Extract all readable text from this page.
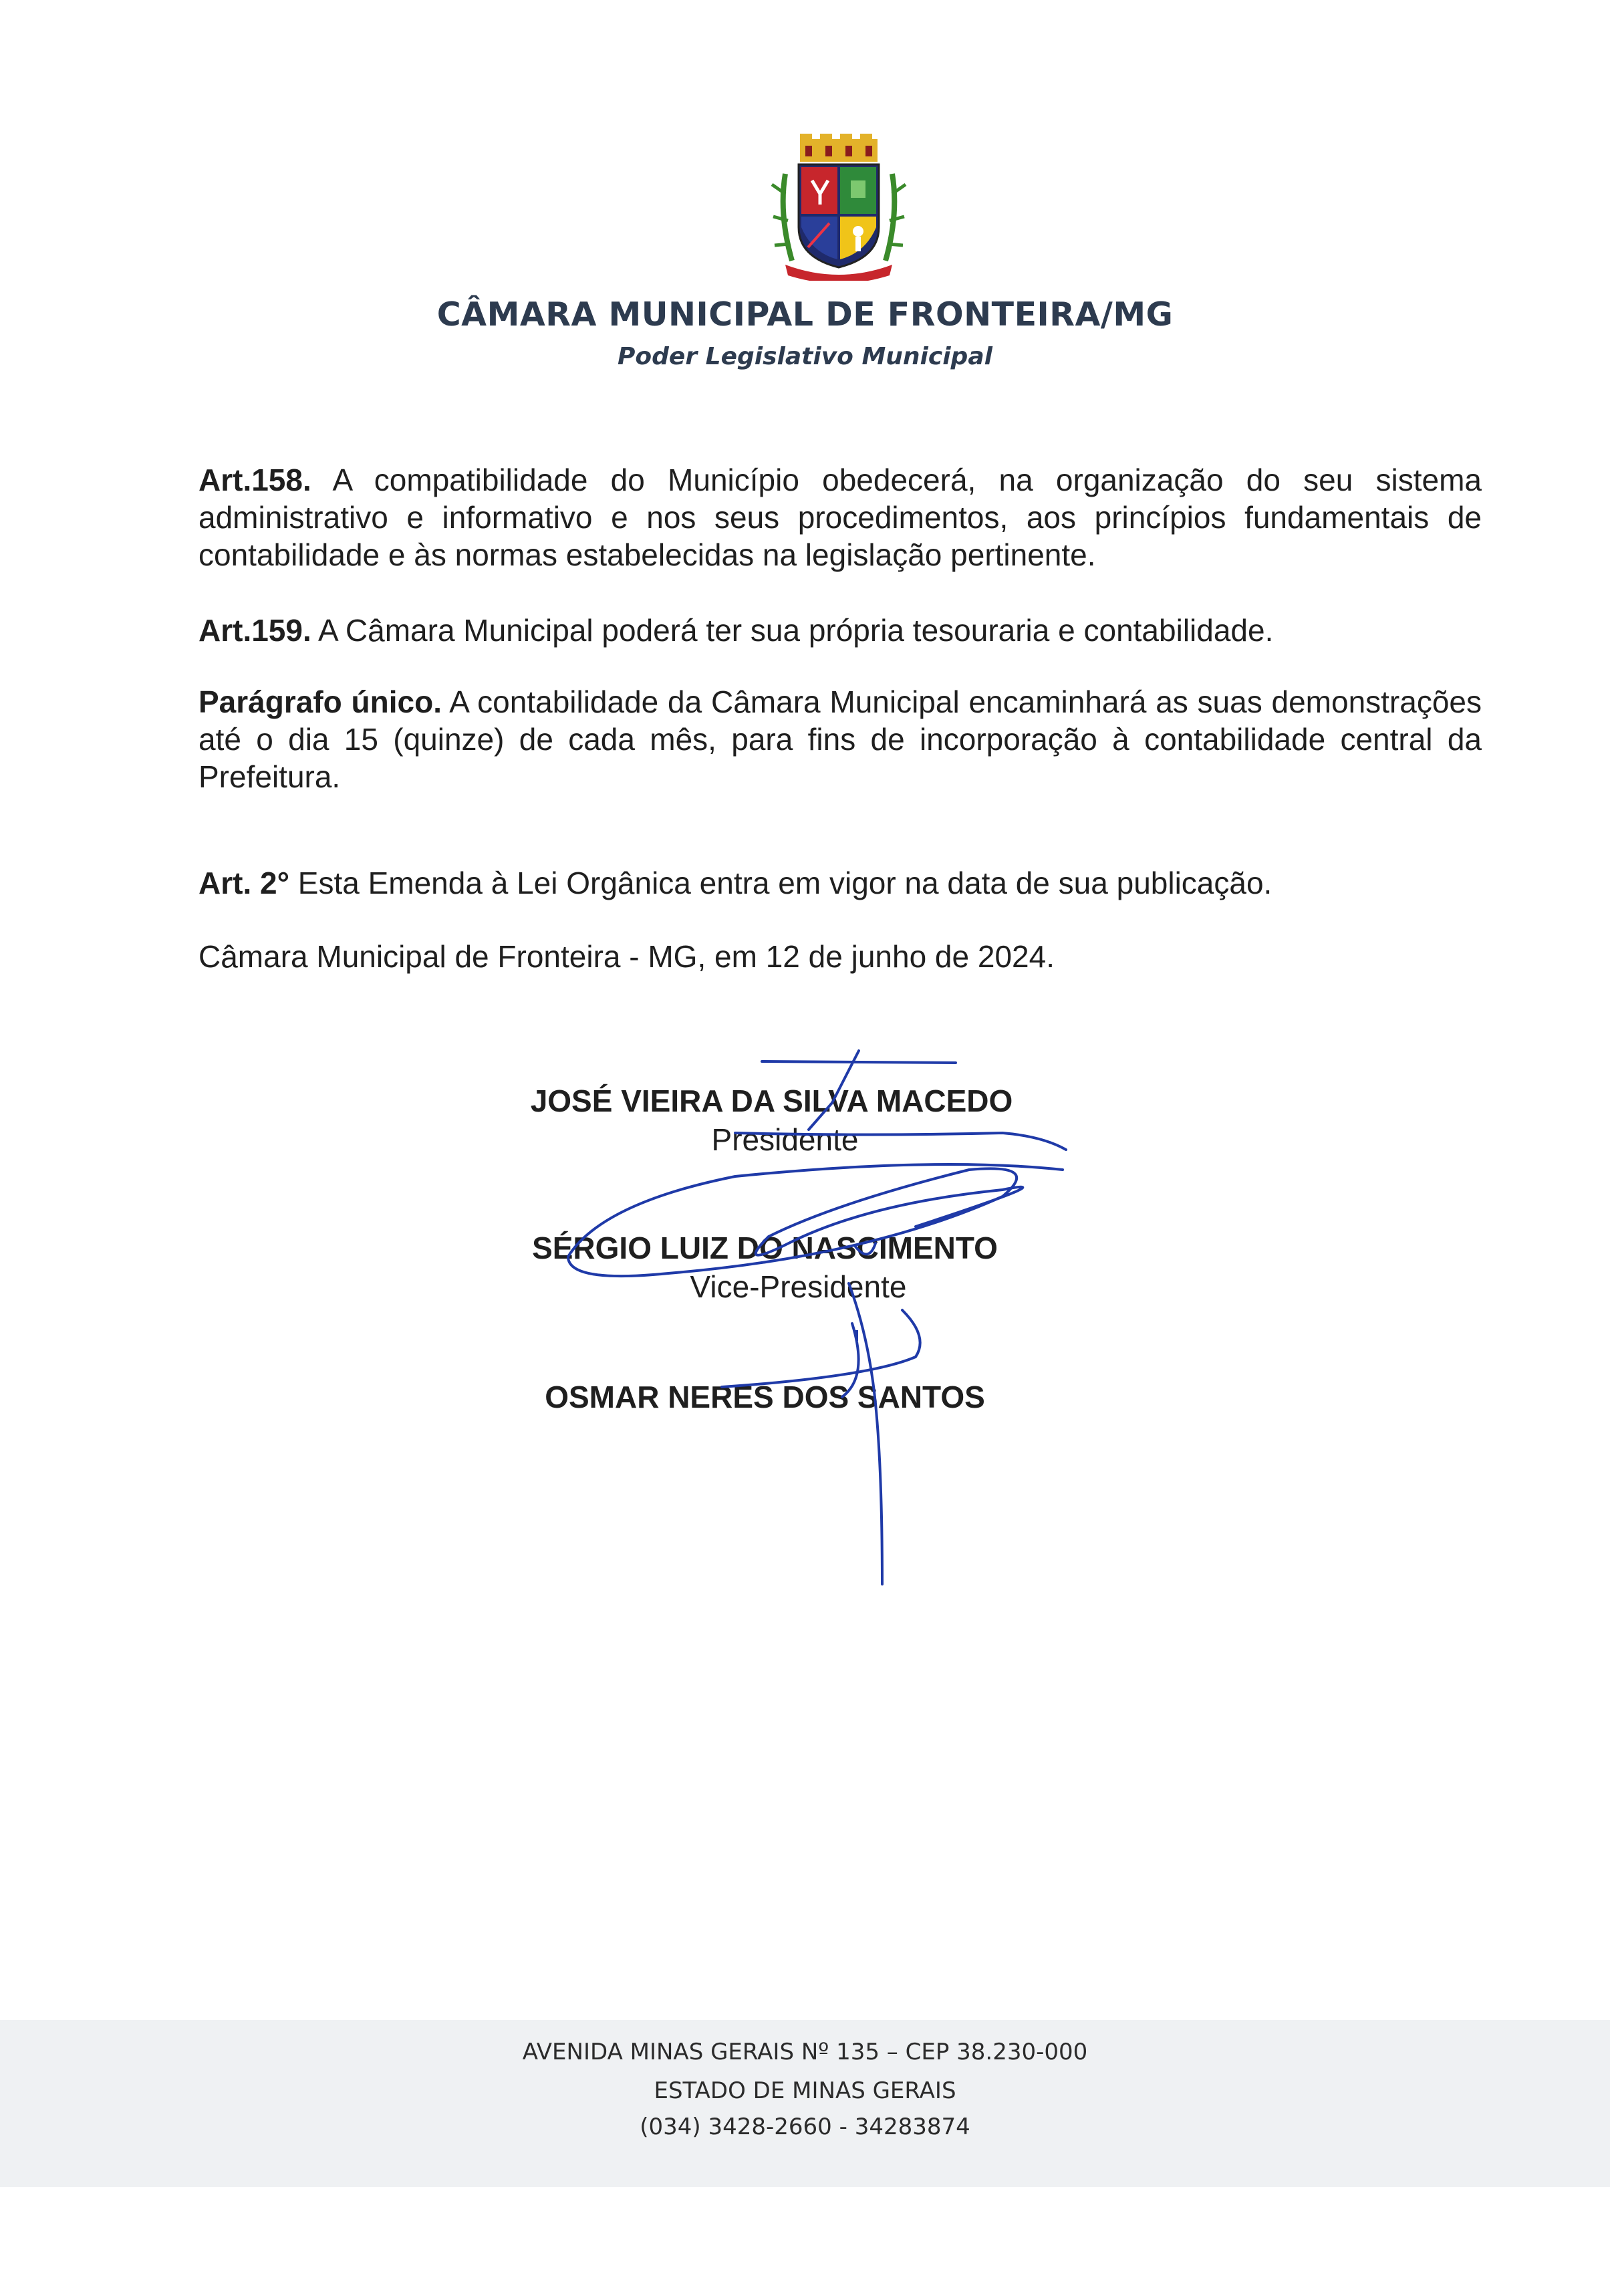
CÂMARA MUNICIPAL DE FRONTEIRA/MG
Poder Legislativo Municipal
Art.158. A compatibilidade do Município obedecerá, na organização do seu sistema administrativo e informativo e nos seus procedimentos, aos princípios fundamentais de contabilidade e às normas estabelecidas na legislação pertinente.
Art.159. A Câmara Municipal poderá ter sua própria tesouraria e contabilidade.
Parágrafo único. A contabilidade da Câmara Municipal encaminhará as suas demonstrações até o dia 15 (quinze) de cada mês, para fins de incorporação à contabilidade central da Prefeitura.
Art. 2° Esta Emenda à Lei Orgânica entra em vigor na data de sua publicação.
Câmara Municipal de Fronteira - MG, em 12 de junho de 2024.
JOSÉ VIEIRA DA SILVA MACEDO
Presidente
SÉRGIO LUIZ DO NASCIMENTO
Vice-Presidente
OSMAR NERES DOS SANTOS
AVENIDA MINAS GERAIS Nº 135 – CEP 38.230-000
ESTADO DE MINAS GERAIS
(034) 3428-2660 - 34283874
